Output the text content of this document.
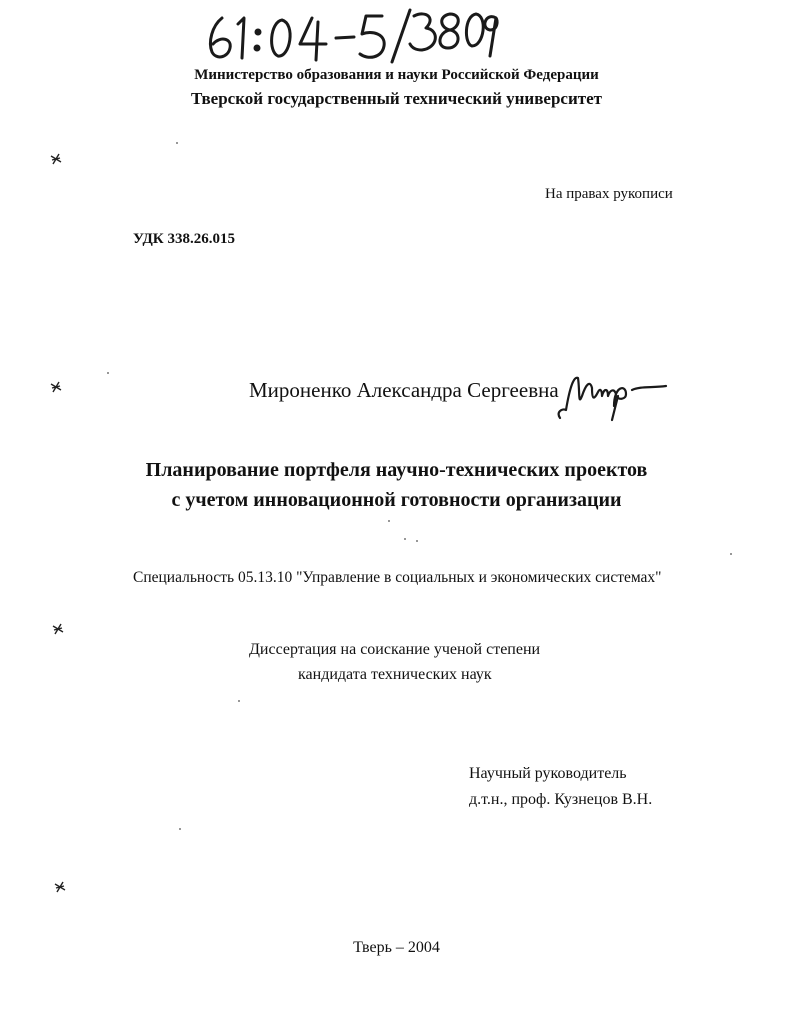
Министерство образования и науки Российской Федерации
Тверской государственный технический университет
На правах рукописи
УДК 338.26.015
Мироненко Александра Сергеевна
Планирование портфеля научно-технических проектов
с учетом инновационной готовности организации
Специальность 05.13.10 "Управление в социальных и экономических системах"
Диссертация на соискание ученой степени
кандидата технических наук
Научный руководитель
д.т.н., проф. Кузнецов В.Н.
Тверь – 2004
